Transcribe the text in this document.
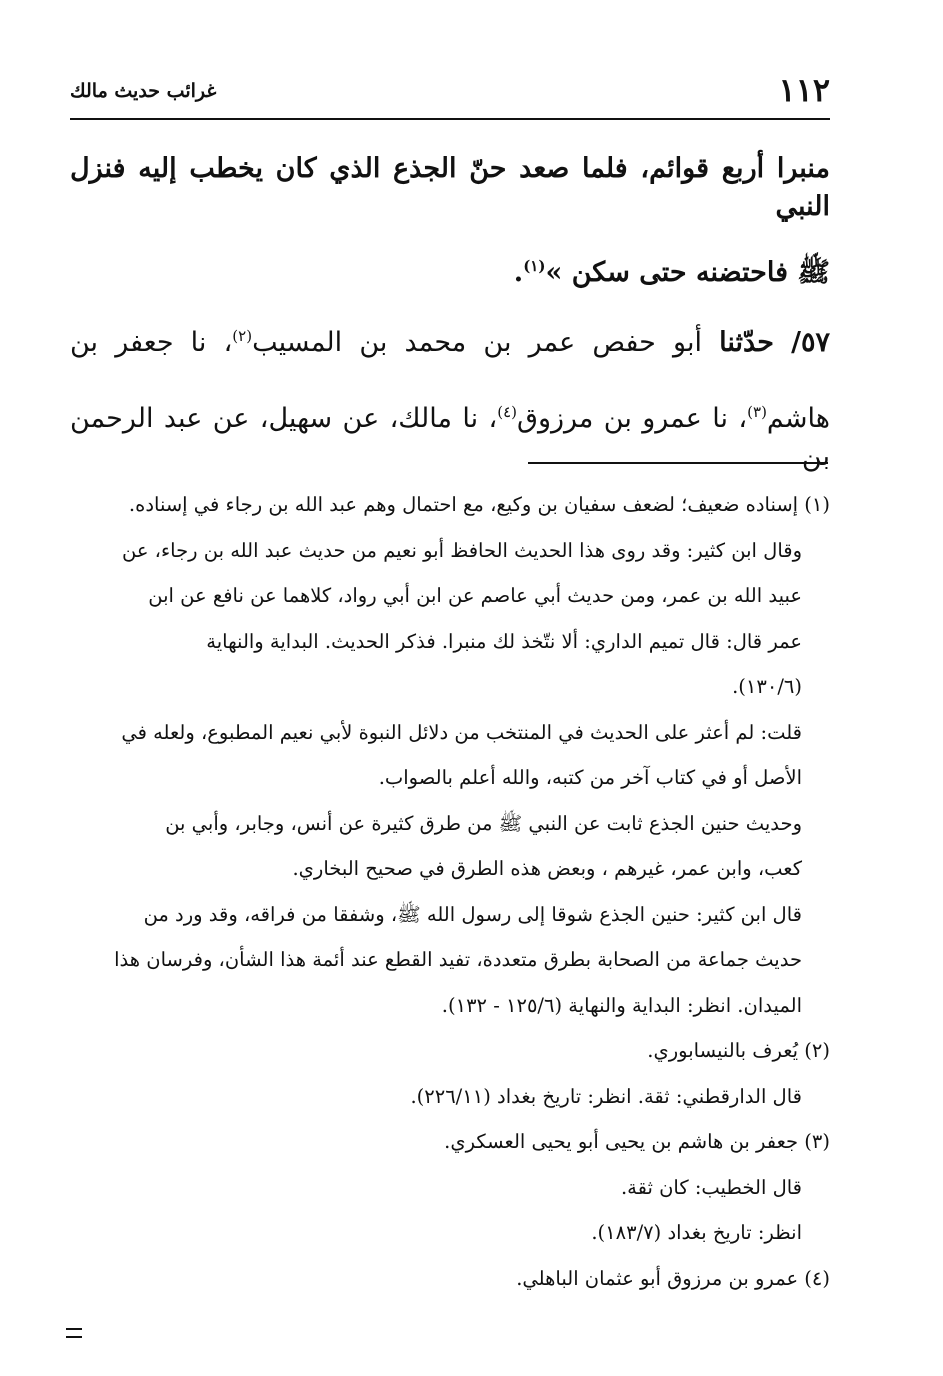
١١٢
غرائب حديث مالك

منبرا أربع قوائم، فلما صعد حنّ الجذع الذي كان يخطب إليه فنزل النبي
ﷺ فاحتضنه حتى سكن »$^{(١)}$.

٥٧/ حدّثنا أبو حفص عمر بن محمد بن المسيب$^{(٢)}$، نا جعفر بن
هاشم$^{(٣)}$، نا عمرو بن مرزوق$^{(٤)}$، نا مالك، عن سهيل، عن عبد الرحمن بن

(١) إسناده ضعيف؛ لضعف سفيان بن وكيع، مع احتمال وهم عبد الله بن رجاء في إسناده.
وقال ابن كثير: وقد روى هذا الحديث الحافظ أبو نعيم من حديث عبد الله بن رجاء، عن
عبيد الله بن عمر، ومن حديث أبي عاصم عن ابن أبي رواد، كلاهما عن نافع عن ابن
عمر قال: قال تميم الداري: ألا نتّخذ لك منبرا. فذكر الحديث. البداية والنهاية
(١٣٠/٦).
قلت: لم أعثر على الحديث في المنتخب من دلائل النبوة لأبي نعيم المطبوع، ولعله في
الأصل أو في كتاب آخر من كتبه، والله أعلم بالصواب.
وحديث حنين الجذع ثابت عن النبي ﷺ من طرق كثيرة عن أنس، وجابر، وأبي بن
كعب، وابن عمر، غيرهم ، وبعض هذه الطرق في صحيح البخاري.
قال ابن كثير: حنين الجذع شوقا إلى رسول الله ﷺ، وشفقا من فراقه، وقد ورد من
حديث جماعة من الصحابة بطرق متعددة، تفيد القطع عند أئمة هذا الشأن، وفرسان هذا
الميدان. انظر: البداية والنهاية (١٢٥/٦ - ١٣٢).

(٢) يُعرف بالنيسابوري.
قال الدارقطني: ثقة. انظر: تاريخ بغداد (٢٢٦/١١).

(٣) جعفر بن هاشم بن يحيى أبو يحيى العسكري.
قال الخطيب: كان ثقة.
انظر: تاريخ بغداد (١٨٣/٧).

(٤) عمرو بن مرزوق أبو عثمان الباهلي.
